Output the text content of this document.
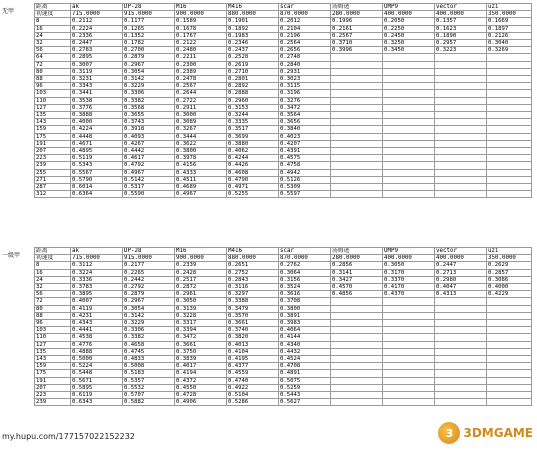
无甲
距离	ak	DP-28	M16	M416	scar	汤姆逊	UMP9	vector	uzi
初速度	715.0000	915.0000	900.0000	880.0000	870.0000	280.0000	400.0000	400.0000	350.0000
8	0.2112	0.1177	0.1589	0.1901	0.2012	0.1996	0.2050	0.1357	0.1669
16	0.2224	0.1265	0.1678	0.1892	0.2104	0.2161	0.2250	0.1623	0.1897
24	0.2336	0.1352	0.1767	0.1983	0.2196	0.2567	0.2450	0.1890	0.2126
32	0.2447	0.1782	0.2122	0.2346	0.2564	0.3710	0.3250	0.2957	0.3040
56	0.2783	0.2700	0.2480	0.2437	0.2656	0.3996	0.3450	0.3223	0.3269
64	0.2895	0.2879	0.2211	0.2528	0.2748				
72	0.3007	0.2967	0.2300	0.2619	0.2840				
80	0.3119	0.3054	0.2389	0.2710	0.2931				
88	0.3231	0.3142	0.2478	0.2801	0.3023				
96	0.3343	0.3229	0.2567	0.2892	0.3115				
103	0.3441	0.3306	0.2644	0.2888	0.3196				
110	0.3538	0.3382	0.2722	0.2960	0.3276				
127	0.3776	0.3568	0.2911	0.3153	0.3472				
135	0.3888	0.3655	0.3000	0.3244	0.3564				
143	0.4000	0.3743	0.3089	0.3335	0.3656				
159	0.4224	0.3918	0.3267	0.3517	0.3840				
175	0.4448	0.4093	0.3444	0.3699	0.4023				
191	0.4671	0.4267	0.3622	0.3880	0.4207				
207	0.4895	0.4442	0.3800	0.4062	0.4391				
223	0.5119	0.4617	0.3978	0.4244	0.4575				
239	0.5343	0.4792	0.4156	0.4426	0.4758				
255	0.5567	0.4967	0.4333	0.4608	0.4942				
271	0.5790	0.5142	0.4511	0.4790	0.5126				
287	0.6014	0.5317	0.4689	0.4971	0.5309				
312	0.6364	0.5590	0.4967	0.5255	0.5597				
一级甲
距离	ak	DP-28	M16	M416	scar	汤姆逊	UMP9	vector	uzi
初速度	715.0000	915.0000	900.0000	880.0000	870.0000	280.0000	400.0000	400.0000	350.0000
8	0.3112	0.2177	0.2339	0.2651	0.2762	0.2856	0.3050	0.2447	0.2629
16	0.3224	0.2265	0.2428	0.2752	0.3064	0.3141	0.3170	0.2713	0.2857
24	0.3336	0.2442	0.2517	0.2843	0.3156	0.3427	0.3370	0.2980	0.3086
32	0.3783	0.2792	0.2872	0.3116	0.3524	0.4570	0.4170	0.4047	0.4000
56	0.3895	0.2879	0.2961	0.3297	0.3616	0.4856	0.4370	0.4313	0.4229
72	0.4007	0.2967	0.3050	0.3388	0.3708				
80	0.4119	0.3054	0.3139	0.3479	0.3800				
88	0.4231	0.3142	0.3228	0.3570	0.3891				
96	0.4343	0.3229	0.3317	0.3661	0.3983				
103	0.4441	0.3306	0.3394	0.3740	0.4064				
110	0.4538	0.3382	0.3472	0.3820	0.4144				
127	0.4776	0.4658	0.3661	0.4013	0.4340				
135	0.4888	0.4745	0.3750	0.4104	0.4432				
143	0.5000	0.4833	0.3839	0.4195	0.4524				
159	0.5224	0.5008	0.4017	0.4377	0.4708				
175	0.5448	0.5183	0.4194	0.4559	0.4891				
191	0.5671	0.5357	0.4372	0.4740	0.5075				
207	0.5895	0.5532	0.4550	0.4922	0.5259				
223	0.6119	0.5707	0.4728	0.5104	0.5443				
239	0.6343	0.5882	0.4906	0.5286	0.5627				
my.hupu.com/177157022152232	3 3DMGAME
